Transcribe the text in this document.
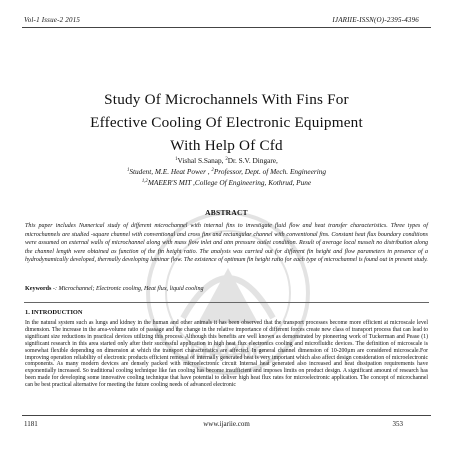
Vol-1 Issue-2 2015	IJARIIE-ISSN(O)-2395-4396
IJARIIE
Study Of Microchannels With Fins For
Effective Cooling Of Electronic Equipment
With Help Of Cfd
$^1$Vishal S.Sanap, $^2$Dr. S.V. Dingare,
$^1$Student, M.E. Heat Power , $^2$Professor, Dept. of Mech. Engineering
$^{1,2}$MAEER'S MIT ,College Of Engineering, Kothrud, Pune
ABSTRACT
This paper includes Numerical study of different microchannel with internal fins to investigate fluid flow and heat transfer characteristics. Three types of microchannels are studied -square channel with conventional and cross fins and rectangular channel with conventional fins. Constant heat flux boundary conditions were assumed on external walls of microchannel along with mass flow inlet and atm pressure outlet condition. Result of average local nusselt no distribution along the channel length were obtained as function of the fin height ratio. The analysis was carried out for different fin height and flow parameters in presence of a hydrodynamically developed, thermally developing laminar flow. The existence of optimum fin height ratio for each type of microchannel is found out in present study.
Keywords -: Microchannel; Electronic cooling, Heat flux, liquid cooling
1. INTRODUCTION
In the natural system such as lungs and kidney in the human and other animals it has been observed that the transport processes become more efficient at microscale level dimension. The increase in the area-volume ratio of passage and the change in the relative importance of different forces create new class of transport process that can lead to significant size reductions in practical devices utilizing this process. Although this benefits are well known as demonstrated by pioneering work of Tuckerman and Pease (1) significant research in this area started only after their successful application in high heat flux electronics cooling and microfluidic devices. The definition of microscale is somewhat flexible depending on dimension at which the transport characteristics are affected. In general channel dimension of 10-200µm are considered microscale.For improving operation reliability of electronic products efficient removal of internally generated heat is very important which also affect design consideration of microelectronic components. As many modern devices are densely packed with microelectronic circuit Internal heat generated also increased and heat dissipation requirements have exponentially increased. So traditional cooling technique like fan cooling has become insufficient and imposes limits on product design. A significant amount of research has been made for developing some innovative cooling technique that have potential to deliver high heat flux rates for microelectronic application. The concept of microchannel can be best practical alternative for meeting the future cooling needs of advanced electronic
1181	www.ijariie.com	353
